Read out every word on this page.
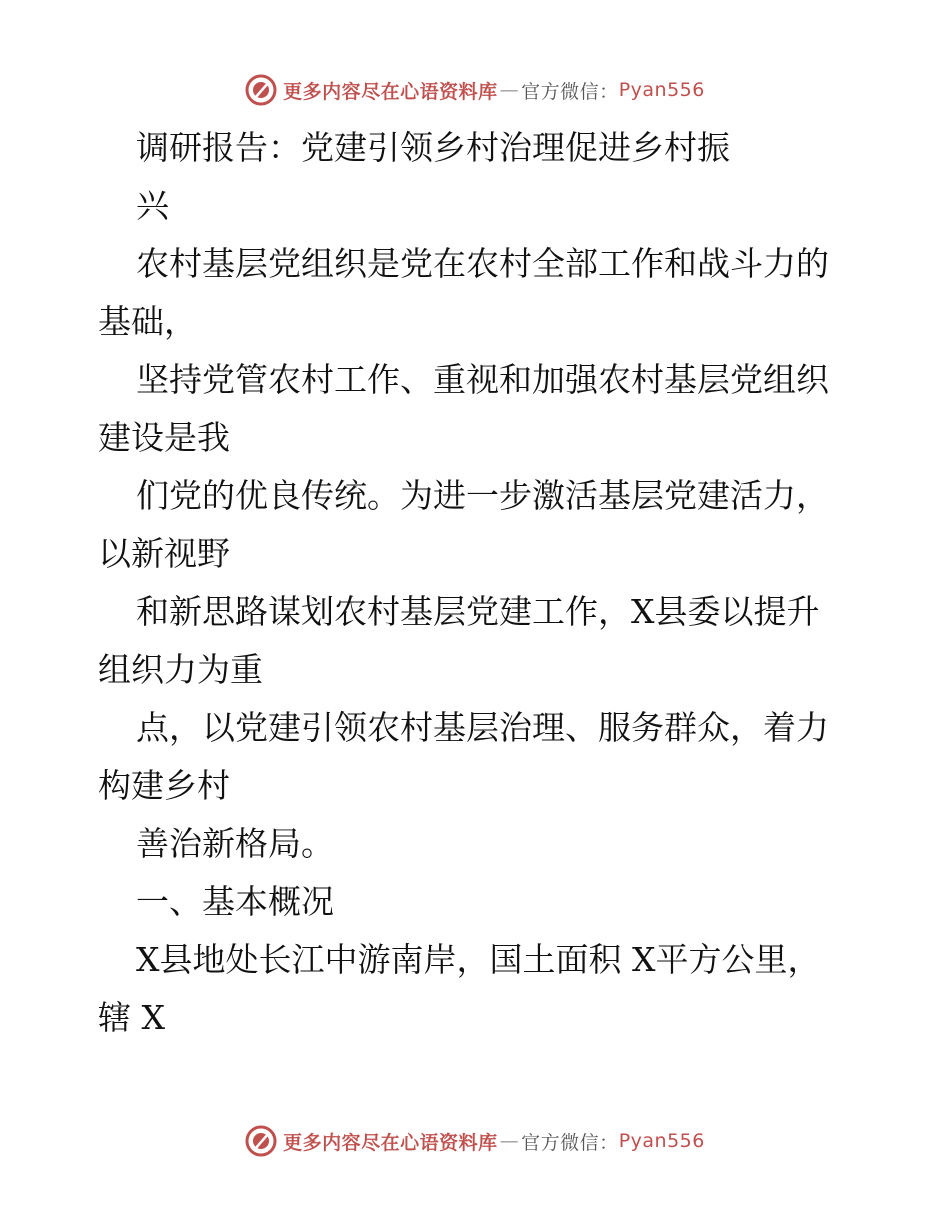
更多内容尽在心语资料库 — 官方微信： Pyan556
调研报告：党建引领乡村治理促进乡村振
兴
农村基层党组织是党在农村全部工作和战斗力的
基础，
坚持党管农村工作、重视和加强农村基层党组织
建设是我
们党的优良传统。为进一步激活基层党建活力，
以新视野
和新思路谋划农村基层党建工作，X县委以提升
组织力为重
点，以党建引领农村基层治理、服务群众，着力
构建乡村
善治新格局。
一、基本概况
X县地处长江中游南岸，国土面积 X平方公里，
辖 X
更多内容尽在心语资料库 — 官方微信： Pyan556
